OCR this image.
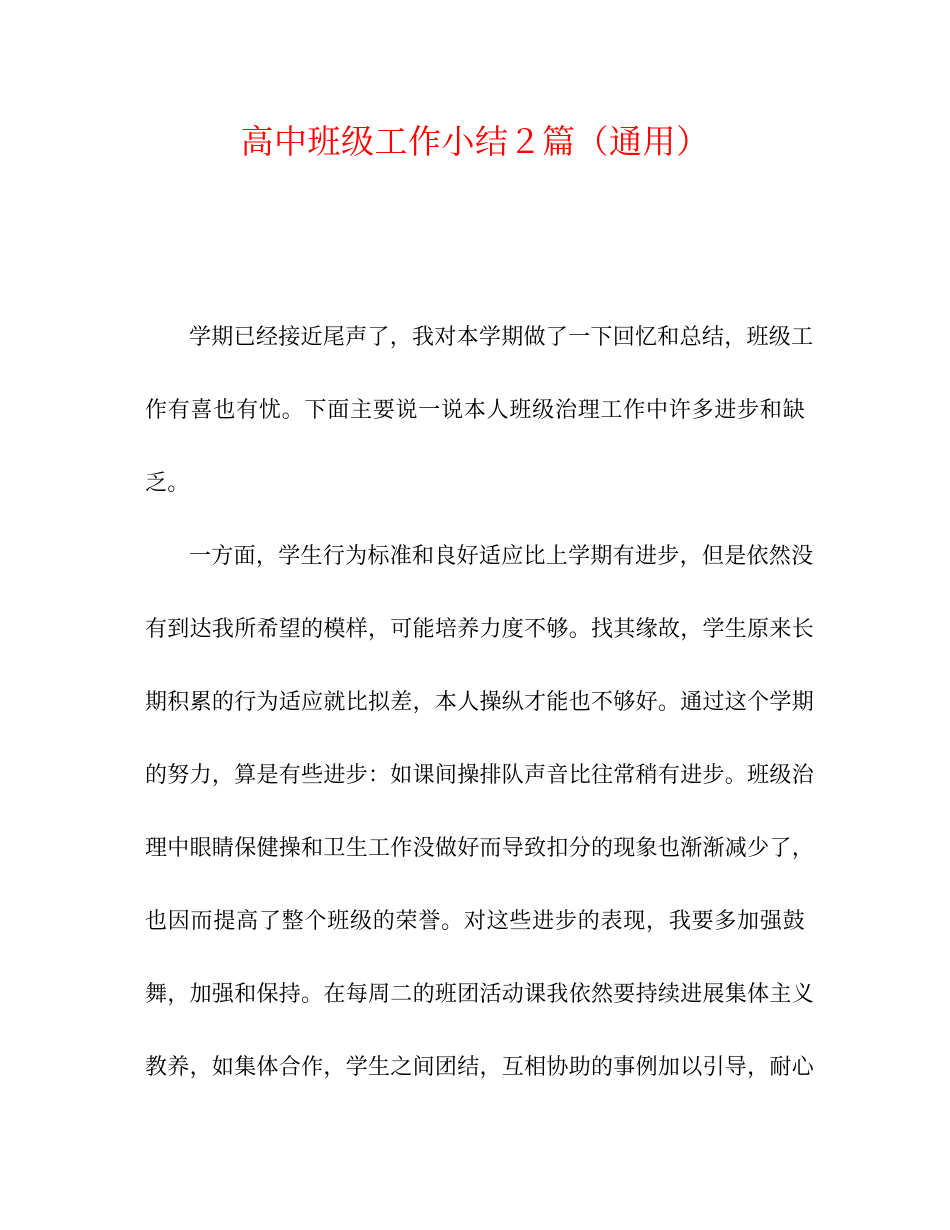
高中班级工作小结２篇（通用）
学期已经接近尾声了，我对本学期做了一下回忆和总结，班级工
作有喜也有忧。下面主要说一说本人班级治理工作中许多进步和缺
乏。
一方面，学生行为标准和良好适应比上学期有进步，但是依然没
有到达我所希望的模样，可能培养力度不够。找其缘故，学生原来长
期积累的行为适应就比拟差，本人操纵才能也不够好。通过这个学期
的努力，算是有些进步：如课间操排队声音比往常稍有进步。班级治
理中眼睛保健操和卫生工作没做好而导致扣分的现象也渐渐减少了，
也因而提高了整个班级的荣誉。对这些进步的表现，我要多加强鼓
舞，加强和保持。在每周二的班团活动课我依然要持续进展集体主义
教养，如集体合作，学生之间团结，互相协助的事例加以引导，耐心
